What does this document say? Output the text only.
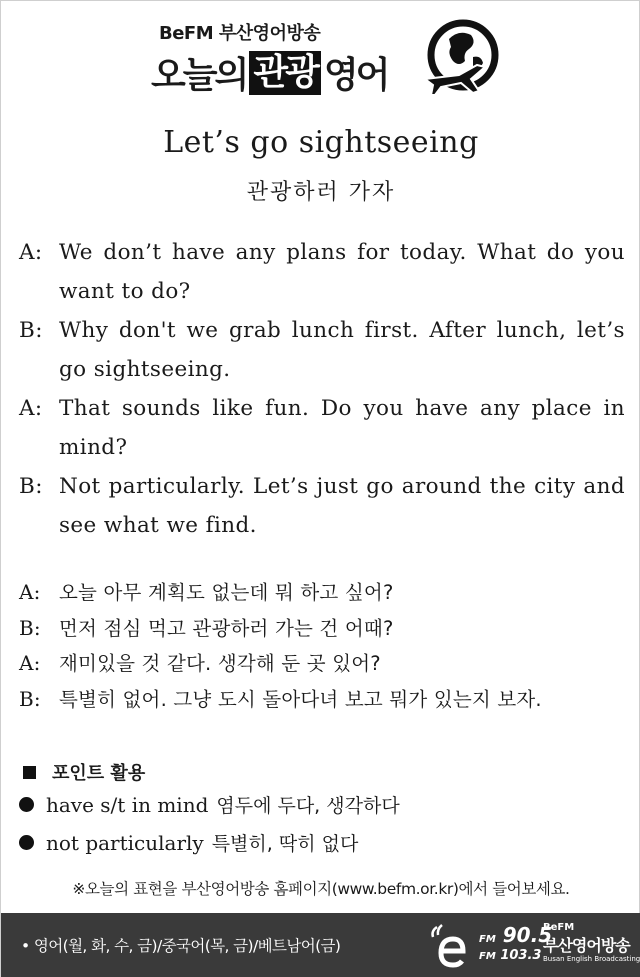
BeFM 부산영어방송
오늘의 관광 영어
Let’s go sightseeing
관광하러 가자
A: We don’t have any plans for today. What do you want to do?
B: Why don't we grab lunch first. After lunch, let’s go sightseeing.
A: That sounds like fun. Do you have any place in mind?
B: Not particularly. Let’s just go around the city and see what we find.
A: 오늘 아무 계획도 없는데 뭐 하고 싶어?
B: 먼저 점심 먹고 관광하러 가는 건 어때?
A: 재미있을 것 같다. 생각해 둔 곳 있어?
B: 특별히 없어. 그냥 도시 돌아다녀 보고 뭐가 있는지 보자.
포인트 활용
have s/t in mind 염두에 두다, 생각하다
not particularly 특별히, 딱히 없다
※오늘의 표현을 부산영어방송 홈페이지(www.befm.or.kr)에서 들어보세요.
• 영어(월, 화, 수, 금)/중국어(목, 금)/베트남어(금)	FM 90.5
FM 103.3
BeFM
부산영어방송
Busan English Broadcasting
